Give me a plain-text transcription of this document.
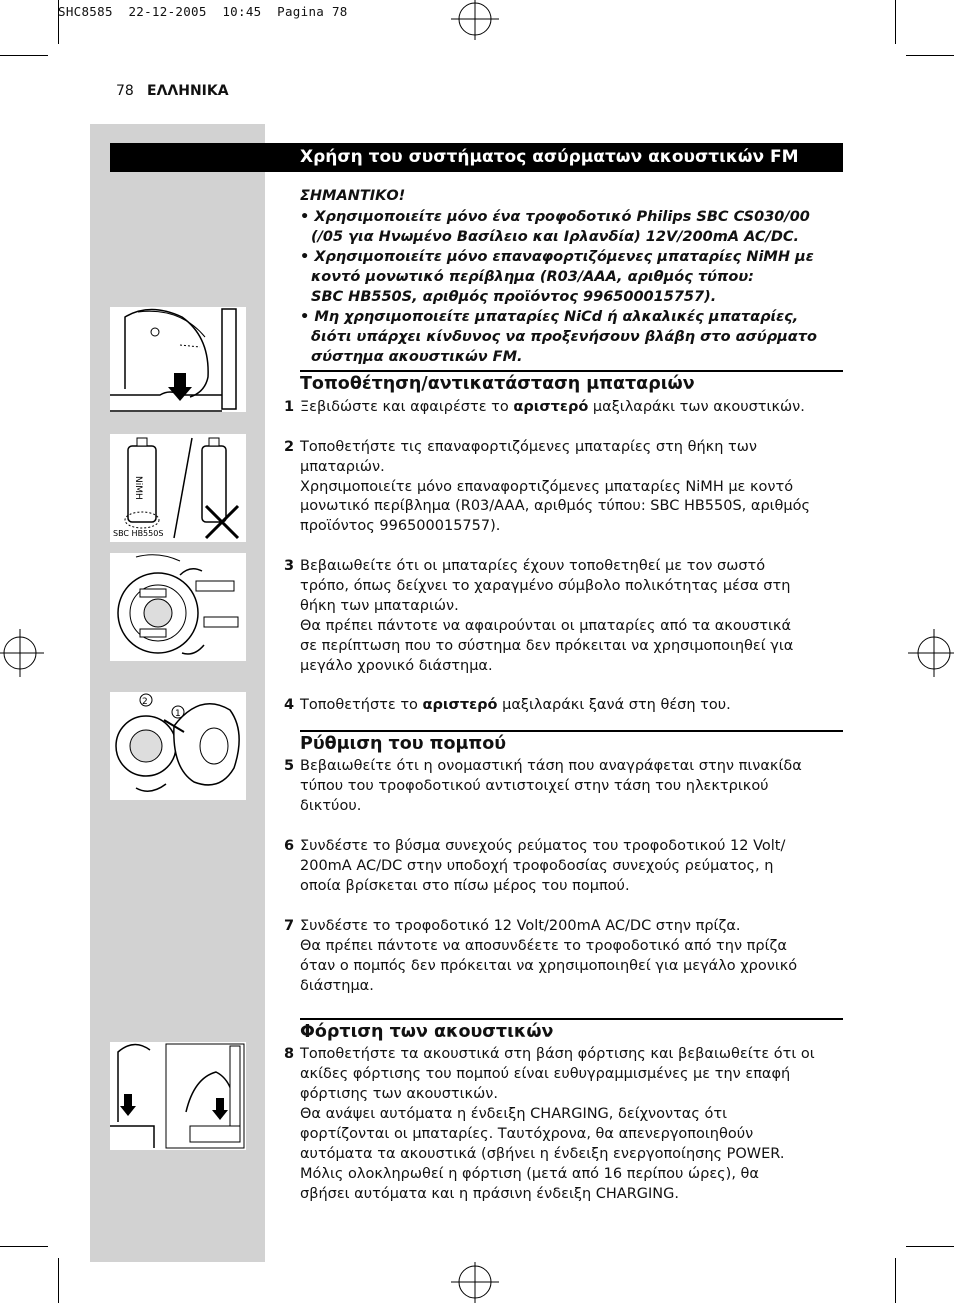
SHC8585 22-12-2005 10:45 Pagina 78
78 ΕΛΛΗΝΙΚΑ
Χρήση του συστήματος ασύρματων ακουστικών FM
ΣΗΜΑΝΤΙΚΟ!
• Χρησιμοποιείτε μόνο ένα τροφοδοτικό Philips SBC CS030/00
(/05 για Ηνωμένο Βασίλειο και Ιρλανδία) 12V/200mA AC/DC.
• Χρησιμοποιείτε μόνο επαναφορτιζόμενες μπαταρίες NiMH με
κοντό μονωτικό περίβλημα (R03/AAA, αριθμός τύπου:
SBC HB550S, αριθμός προϊόντος 996500015757).
• Μη χρησιμοποιείτε μπαταρίες NiCd ή αλκαλικές μπαταρίες,
διότι υπάρχει κίνδυνος να προξενήσουν βλάβη στο ασύρματο
σύστημα ακουστικών FM.
Τοποθέτηση/αντικατάσταση μπαταριών
1 Ξεβιδώστε και αφαιρέστε το αριστερό μαξιλαράκι των ακουστικών.
2 Τοποθετήστε τις επαναφορτιζόμενες μπαταρίες στη θήκη των
μπαταριών.
Χρησιμοποιείτε μόνο επαναφορτιζόμενες μπαταρίες NiMH με κοντό
μονωτικό περίβλημα (R03/AAA, αριθμός τύπου: SBC HB550S, αριθμός
προϊόντος 996500015757).
3 Βεβαιωθείτε ότι οι μπαταρίες έχουν τοποθετηθεί με τον σωστό
τρόπο, όπως δείχνει το χαραγμένο σύμβολο πολικότητας μέσα στη
θήκη των μπαταριών.
Θα πρέπει πάντοτε να αφαιρούνται οι μπαταρίες από τα ακουστικά
σε περίπτωση που το σύστημα δεν πρόκειται να χρησιμοποιηθεί για
μεγάλο χρονικό διάστημα.
4 Τοποθετήστε το αριστερό μαξιλαράκι ξανά στη θέση του.
Ρύθμιση του πομπού
5 Βεβαιωθείτε ότι η ονομαστική τάση που αναγράφεται στην πινακίδα
τύπου του τροφοδοτικού αντιστοιχεί στην τάση του ηλεκτρικού
δικτύου.
6 Συνδέστε το βύσμα συνεχούς ρεύματος του τροφοδοτικού 12 Volt/
200mA AC/DC στην υποδοχή τροφοδοσίας συνεχούς ρεύματος, η
οποία βρίσκεται στο πίσω μέρος του πομπού.
7 Συνδέστε το τροφοδοτικό 12 Volt/200mA AC/DC στην πρίζα.
Θα πρέπει πάντοτε να αποσυνδέετε το τροφοδοτικό από την πρίζα
όταν ο πομπός δεν πρόκειται να χρησιμοποιηθεί για μεγάλο χρονικό
διάστημα.
Φόρτιση των ακουστικών
8 Τοποθετήστε τα ακουστικά στη βάση φόρτισης και βεβαιωθείτε ότι οι
ακίδες φόρτισης του πομπού είναι ευθυγραμμισμένες με την επαφή
φόρτισης των ακουστικών.
Θα ανάψει αυτόματα η ένδειξη CHARGING, δείχνοντας ότι
φορτίζονται οι μπαταρίες. Ταυτόχρονα, θα απενεργοποιηθούν
αυτόματα τα ακουστικά (σβήνει η ένδειξη ενεργοποίησης POWER.
Μόλις ολοκληρωθεί η φόρτιση (μετά από 16 περίπου ώρες), θα
σβήσει αυτόματα και η πράσινη ένδειξη CHARGING.
NiMH
SBC HB550S
2
1
